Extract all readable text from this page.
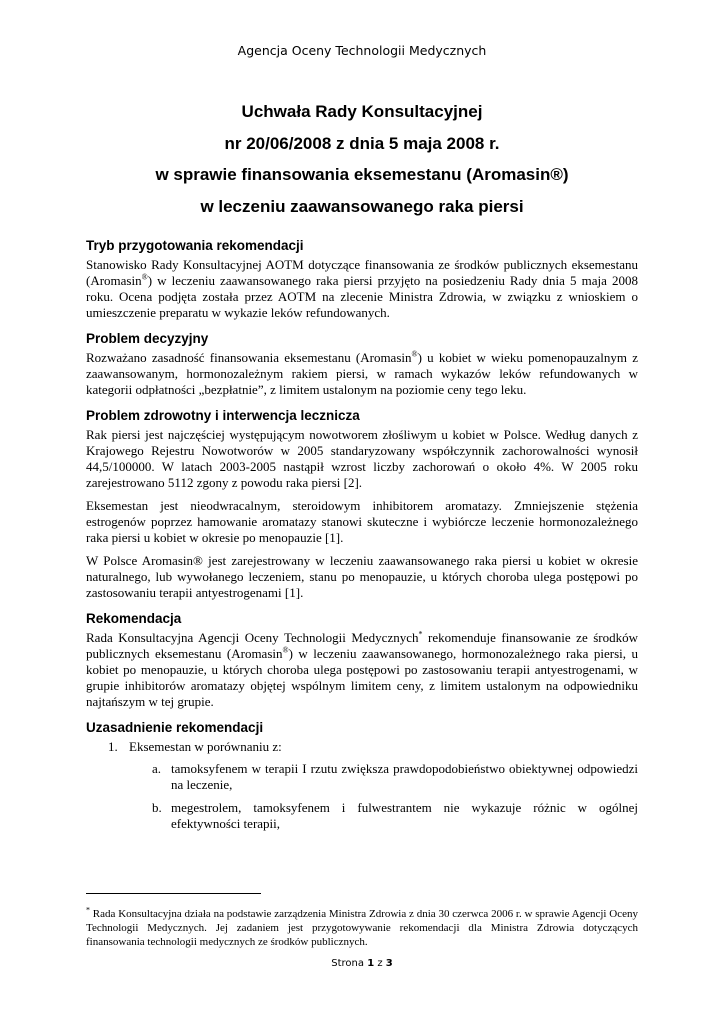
Agencja Oceny Technologii Medycznych
Uchwała Rady Konsultacyjnej
nr 20/06/2008 z dnia 5 maja 2008 r.
w sprawie finansowania eksemestanu (Aromasin®)
w leczeniu zaawansowanego raka piersi
Tryb przygotowania rekomendacji

Stanowisko Rady Konsultacyjnej AOTM dotyczące finansowania ze środków publicznych eksemestanu (Aromasin®) w leczeniu zaawansowanego raka piersi przyjęto na posiedzeniu Rady dnia 5 maja 2008 roku. Ocena podjęta została przez AOTM na zlecenie Ministra Zdrowia, w związku z wnioskiem o umieszczenie preparatu w wykazie leków refundowanych.

Problem decyzyjny

Rozważano zasadność finansowania eksemestanu (Aromasin®) u kobiet w wieku pomenopauzalnym z zaawansowanym, hormonozależnym rakiem piersi, w ramach wykazów leków refundowanych w kategorii odpłatności „bezpłatnie”, z limitem ustalonym na poziomie ceny tego leku.

Problem zdrowotny i interwencja lecznicza

Rak piersi jest najczęściej występującym nowotworem złośliwym u kobiet w Polsce. Według danych z Krajowego Rejestru Nowotworów w 2005 standaryzowany współczynnik zachorowalności wynosił 44,5/100000. W latach 2003-2005 nastąpił wzrost liczby zachorowań o około 4%. W 2005 roku zarejestrowano 5112 zgony z powodu raka piersi [2].

Eksemestan jest nieodwracalnym, steroidowym inhibitorem aromatazy. Zmniejszenie stężenia estrogenów poprzez hamowanie aromatazy stanowi skuteczne i wybiórcze leczenie hormonozależnego raka piersi u kobiet w okresie po menopauzie [1].

W Polsce Aromasin® jest zarejestrowany w leczeniu zaawansowanego raka piersi u kobiet w okresie naturalnego, lub wywołanego leczeniem, stanu po menopauzie, u których choroba ulega postępowi po zastosowaniu terapii antyestrogenami [1].

Rekomendacja

Rada Konsultacyjna Agencji Oceny Technologii Medycznych* rekomenduje finansowanie ze środków publicznych eksemestanu (Aromasin®) w leczeniu zaawansowanego, hormonozależnego raka piersi, u kobiet po menopauzie, u których choroba ulega postępowi po zastosowaniu terapii antyestrogenami, w grupie inhibitorów aromatazy objętej wspólnym limitem ceny, z limitem ustalonym na odpowiedniku najtańszym w tej grupie.

Uzasadnienie rekomendacji
1. Eksemestan w porównaniu z:
a. tamoksyfenem w terapii I rzutu zwiększa prawdopodobieństwo obiektywnej odpowiedzi na leczenie,
b. megestrolem, tamoksyfenem i fulwestrantem nie wykazuje różnic w ogólnej efektywności terapii,
* Rada Konsultacyjna działa na podstawie zarządzenia Ministra Zdrowia z dnia 30 czerwca 2006 r. w sprawie Agencji Oceny Technologii Medycznych. Jej zadaniem jest przygotowywanie rekomendacji dla Ministra Zdrowia dotyczących finansowania technologii medycznych ze środków publicznych.
Strona 1 z 3
